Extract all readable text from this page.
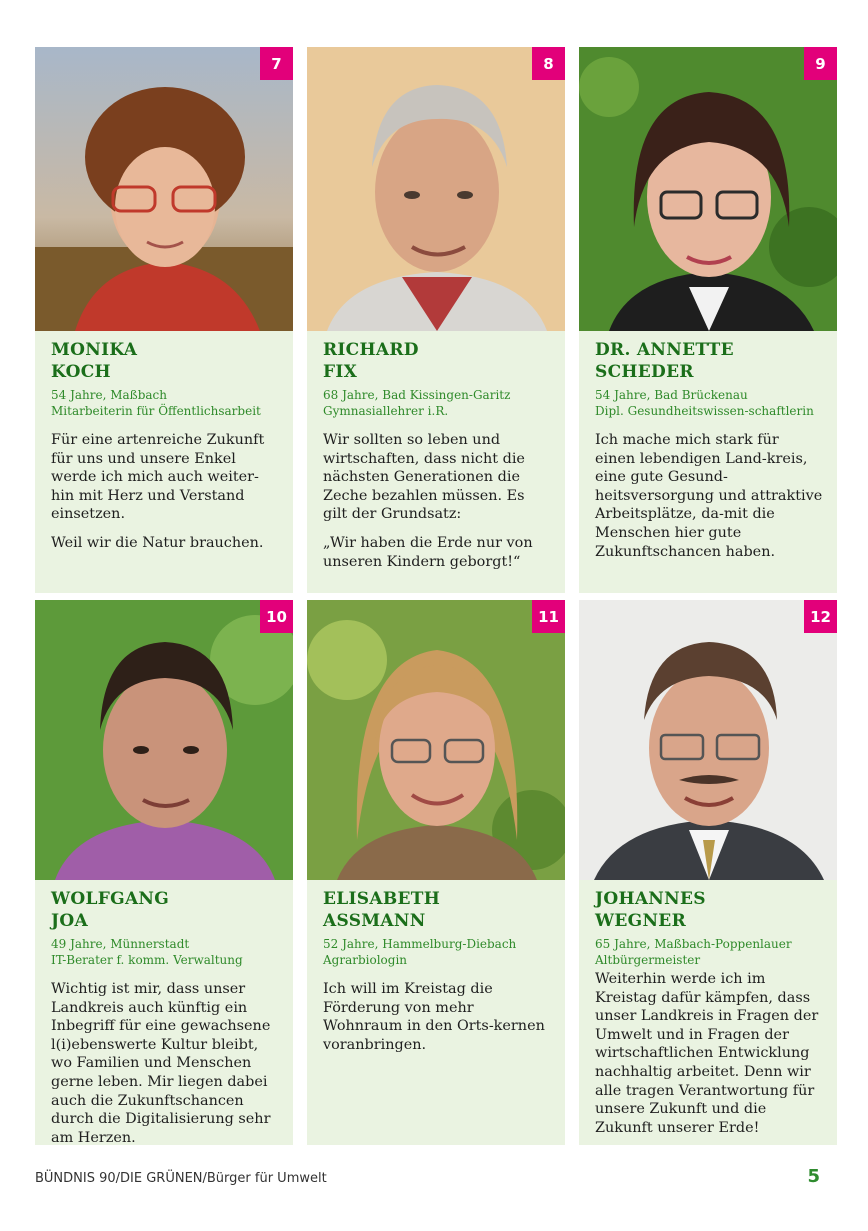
7
MONIKA
KOCH
54 Jahre, Maßbach
Mitarbeiterin für Öffentlichsarbeit

Für eine artenreiche Zukunft für uns und unsere Enkel werde ich mich auch weiter-hin mit Herz und Verstand einsetzen.

Weil wir die Natur brauchen.

8
RICHARD
FIX
68 Jahre, Bad Kissingen-Garitz
Gymnasiallehrer i.R.

Wir sollten so leben und wirtschaften, dass nicht die nächsten Generationen die Zeche bezahlen müssen. Es gilt der Grundsatz:

„Wir haben die Erde nur von unseren Kindern geborgt!“

9
DR. ANNETTE
SCHEDER
54 Jahre, Bad Brückenau
Dipl. Gesundheitswissen-schaftlerin

Ich mache mich stark für einen lebendigen Land-kreis, eine gute Gesund-heitsversorgung und attraktive Arbeitsplätze, da-mit die Menschen hier gute Zukunftschancen haben.

10
WOLFGANG
JOA
49 Jahre, Münnerstadt
IT-Berater f. komm. Verwaltung

Wichtig ist mir, dass unser Landkreis auch künftig ein Inbegriff für eine gewachsene l(i)ebenswerte Kultur bleibt, wo Familien und Menschen gerne leben. Mir liegen dabei auch die Zukunftschancen durch die Digitalisierung sehr am Herzen.

11
ELISABETH
ASSMANN
52 Jahre, Hammelburg-Diebach
Agrarbiologin

Ich will im Kreistag die Förderung von mehr Wohnraum in den Orts-kernen voranbringen.

12
JOHANNES
WEGNER
65 Jahre, Maßbach-Poppenlauer
Altbürgermeister

Weiterhin werde ich im Kreistag dafür kämpfen, dass unser Landkreis in Fragen der Umwelt und in Fragen der wirtschaftlichen Entwicklung nachhaltig arbeitet. Denn wir alle tragen Verantwortung für unsere Zukunft und die Zukunft unserer Erde!

BÜNDNIS 90/DIE GRÜNEN/Bürger für Umwelt	5
